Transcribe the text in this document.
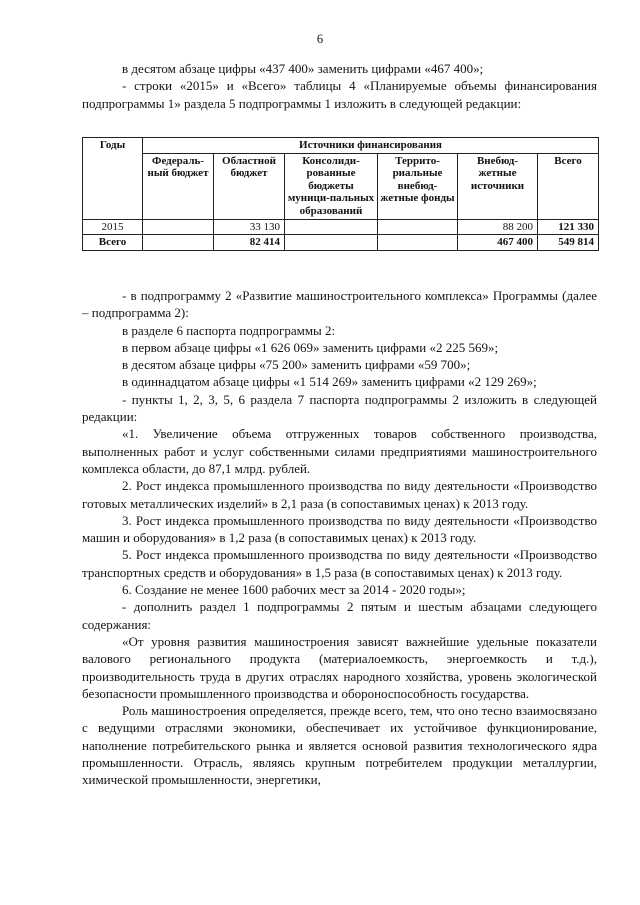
6

в десятом абзаце цифры «437 400» заменить цифрами «467 400»;

- строки «2015» и «Всего» таблицы 4 «Планируемые объемы финансирования подпрограммы 1» раздела 5 подпрограммы 1 изложить в следующей редакции:

Годы	Источники финансирования					
	Федераль-ный бюджет	Областной бюджет	Консолиди-рованные бюджеты муници-пальных образований	Террито-риальные внебюд-жетные фонды	Внебюд-жетные источники	Всего
2015		33 130			88 200	121 330
Всего		82 414			467 400	549 814

- в подпрограмму 2 «Развитие машиностроительного комплекса» Программы (далее – подпрограмма 2):

в разделе 6 паспорта подпрограммы 2:

в первом абзаце цифры «1 626 069» заменить цифрами «2 225 569»;

в десятом абзаце цифры «75 200» заменить цифрами «59 700»;

в одиннадцатом абзаце цифры «1 514 269» заменить цифрами «2 129 269»;

- пункты 1, 2, 3, 5, 6 раздела 7 паспорта подпрограммы 2 изложить в следующей редакции:

«1. Увеличение объема отгруженных товаров собственного производства, выполненных работ и услуг собственными силами предприятиями машиностроительного комплекса области, до 87,1 млрд. рублей.

2. Рост индекса промышленного производства по виду деятельности «Производство готовых металлических изделий» в 2,1 раза (в сопоставимых ценах) к 2013 году.

3. Рост индекса промышленного производства по виду деятельности «Производство машин и оборудования» в 1,2 раза (в сопоставимых ценах) к 2013 году.

5. Рост индекса промышленного производства по виду деятельности «Производство транспортных средств и оборудования» в 1,5 раза (в сопоставимых ценах) к 2013 году.

6. Создание не менее 1600 рабочих мест за 2014 - 2020 годы»;

- дополнить раздел 1 подпрограммы 2 пятым и шестым абзацами следующего содержания:

«От уровня развития машиностроения зависят важнейшие удельные показатели валового регионального продукта (материалоемкость, энергоемкость и т.д.), производительность труда в других отраслях народного хозяйства, уровень экологической безопасности промышленного производства и обороноспособность государства.

Роль машиностроения определяется, прежде всего, тем, что оно тесно взаимосвязано с ведущими отраслями экономики, обеспечивает их устойчивое функционирование, наполнение потребительского рынка и является основой развития технологического ядра промышленности. Отрасль, являясь крупным потребителем продукции металлургии, химической промышленности, энергетики,
